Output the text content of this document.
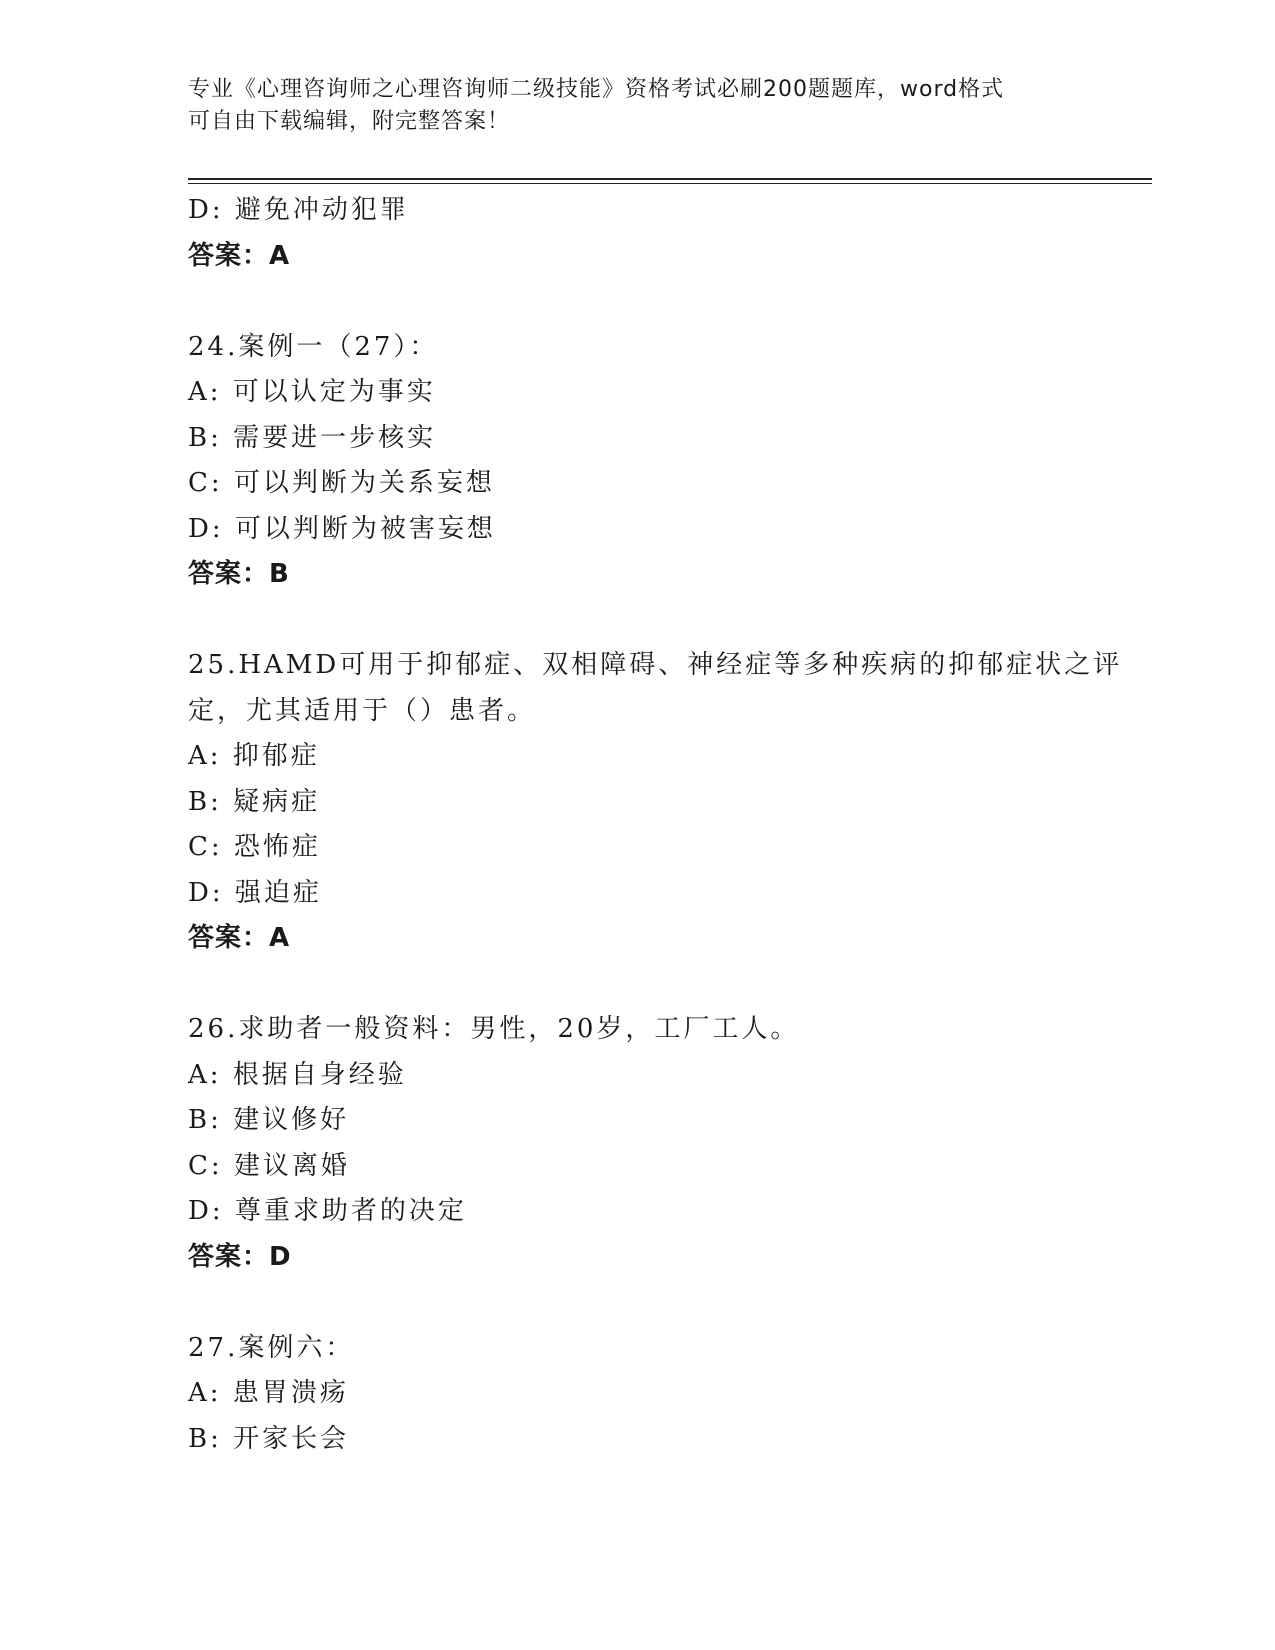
专业《心理咨询师之心理咨询师二级技能》资格考试必刷200题题库，word格式
可自由下载编辑，附完整答案！
D: 避免冲动犯罪
答案：A
24.案例一（27）：
A: 可以认定为事实
B: 需要进一步核实
C: 可以判断为关系妄想
D: 可以判断为被害妄想
答案：B
25.HAMD可用于抑郁症、双相障碍、神经症等多种疾病的抑郁症状之评
定，尤其适用于（）患者。
A: 抑郁症
B: 疑病症
C: 恐怖症
D: 强迫症
答案：A
26.求助者一般资料：男性，20岁，工厂工人。
A: 根据自身经验
B: 建议修好
C: 建议离婚
D: 尊重求助者的决定
答案：D
27.案例六：
A: 患胃溃疡
B: 开家长会
